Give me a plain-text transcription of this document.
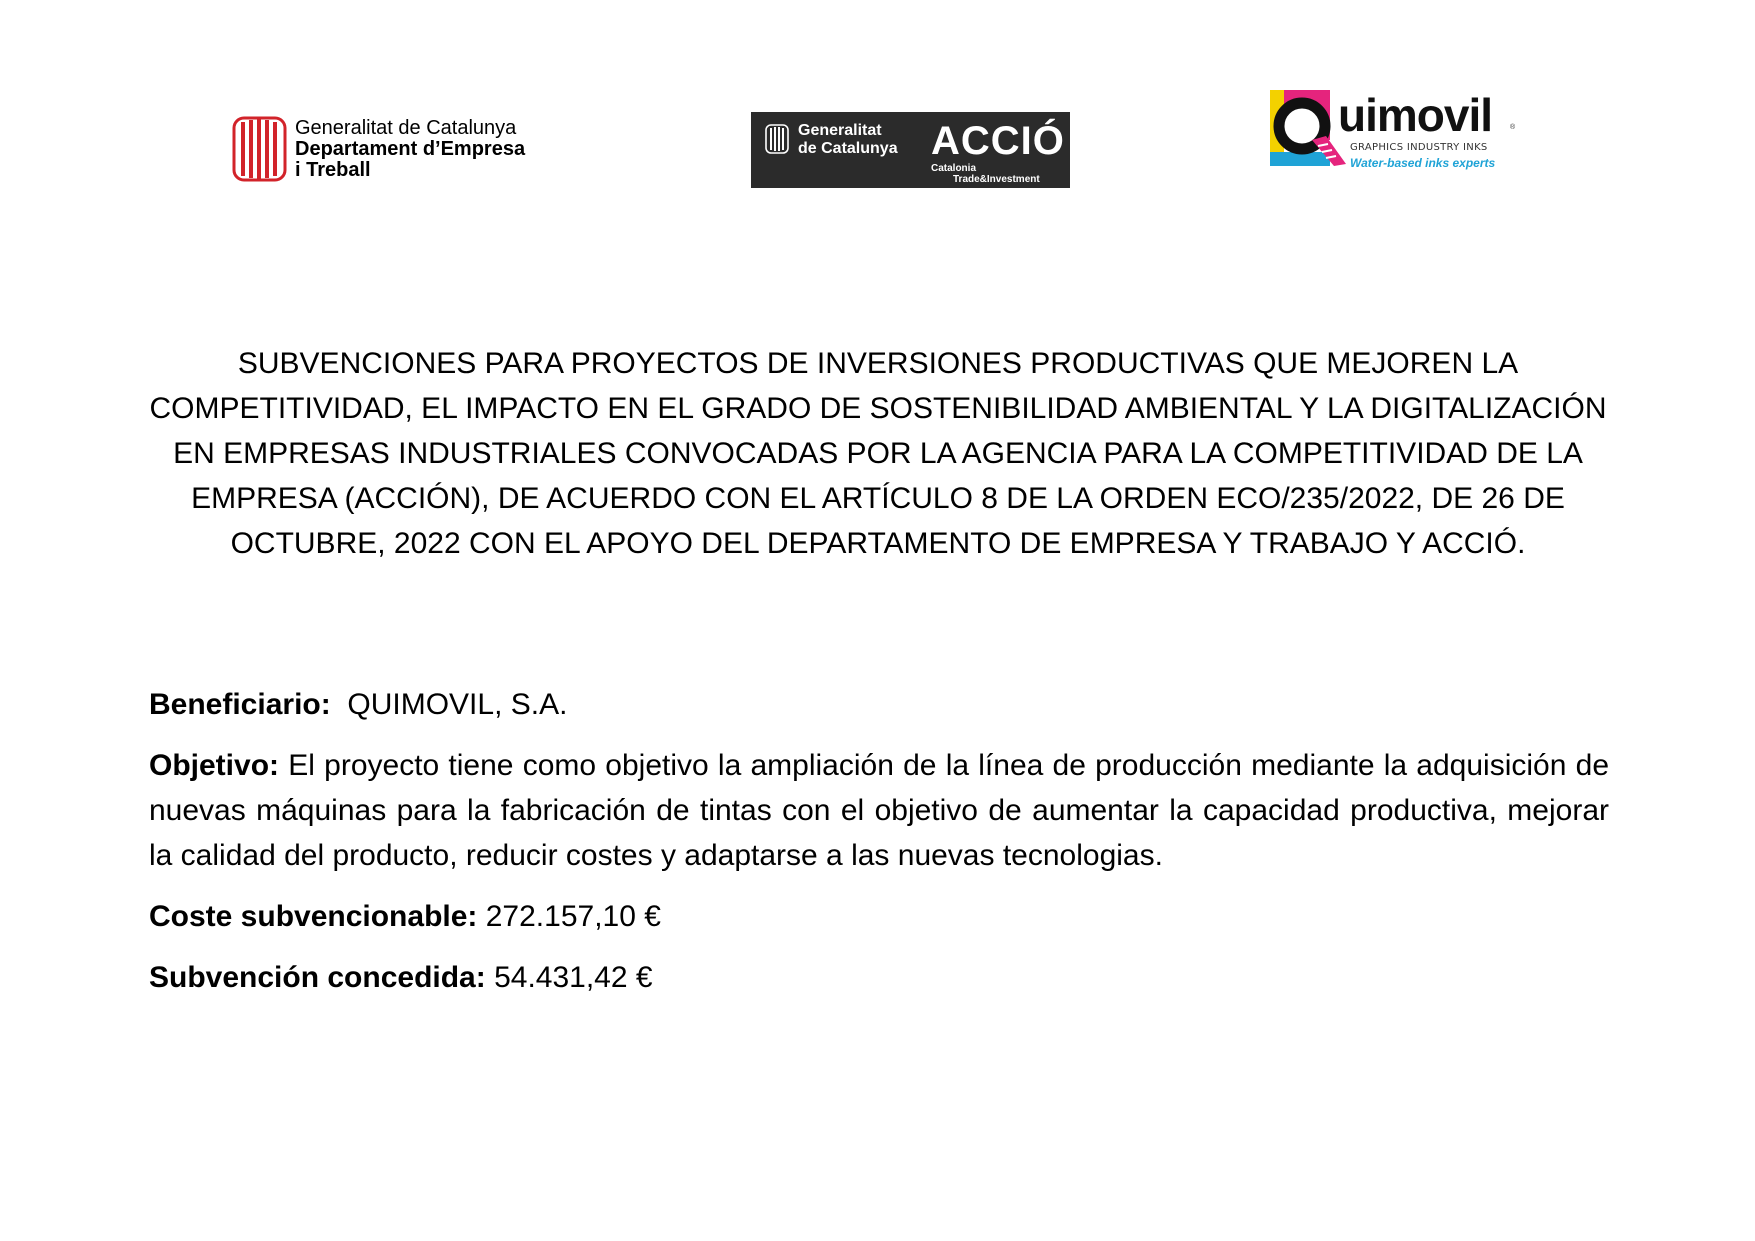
Generalitat de Catalunya
Departament d’Empresa
i Treball
Generalitat
de Catalunya ACCIÓ
Catalonia
Trade&Investment
uimovil	®
GRAPHICS INDUSTRY INKS
Water-based inks experts
SUBVENCIONES PARA PROYECTOS DE INVERSIONES PRODUCTIVAS QUE MEJOREN LA COMPETITIVIDAD, EL IMPACTO EN EL GRADO DE SOSTENIBILIDAD AMBIENTAL Y LA DIGITALIZACIÓN EN EMPRESAS INDUSTRIALES CONVOCADAS POR LA AGENCIA PARA LA COMPETITIVIDAD DE LA EMPRESA (ACCIÓN), DE ACUERDO CON EL ARTÍCULO 8 DE LA ORDEN ECO/235/2022, DE 26 DE OCTUBRE, 2022 CON EL APOYO DEL DEPARTAMENTO DE EMPRESA Y TRABAJO Y ACCIÓ.

Beneficiario: QUIMOVIL, S.A.

Objetivo: El proyecto tiene como objetivo la ampliación de la línea de producción mediante la adquisición de nuevas máquinas para la fabricación de tintas con el objetivo de aumentar la capacidad productiva, mejorar la calidad del producto, reducir costes y adaptarse a las nuevas tecnologias.

Coste subvencionable: 272.157,10 €

Subvención concedida: 54.431,42 €
